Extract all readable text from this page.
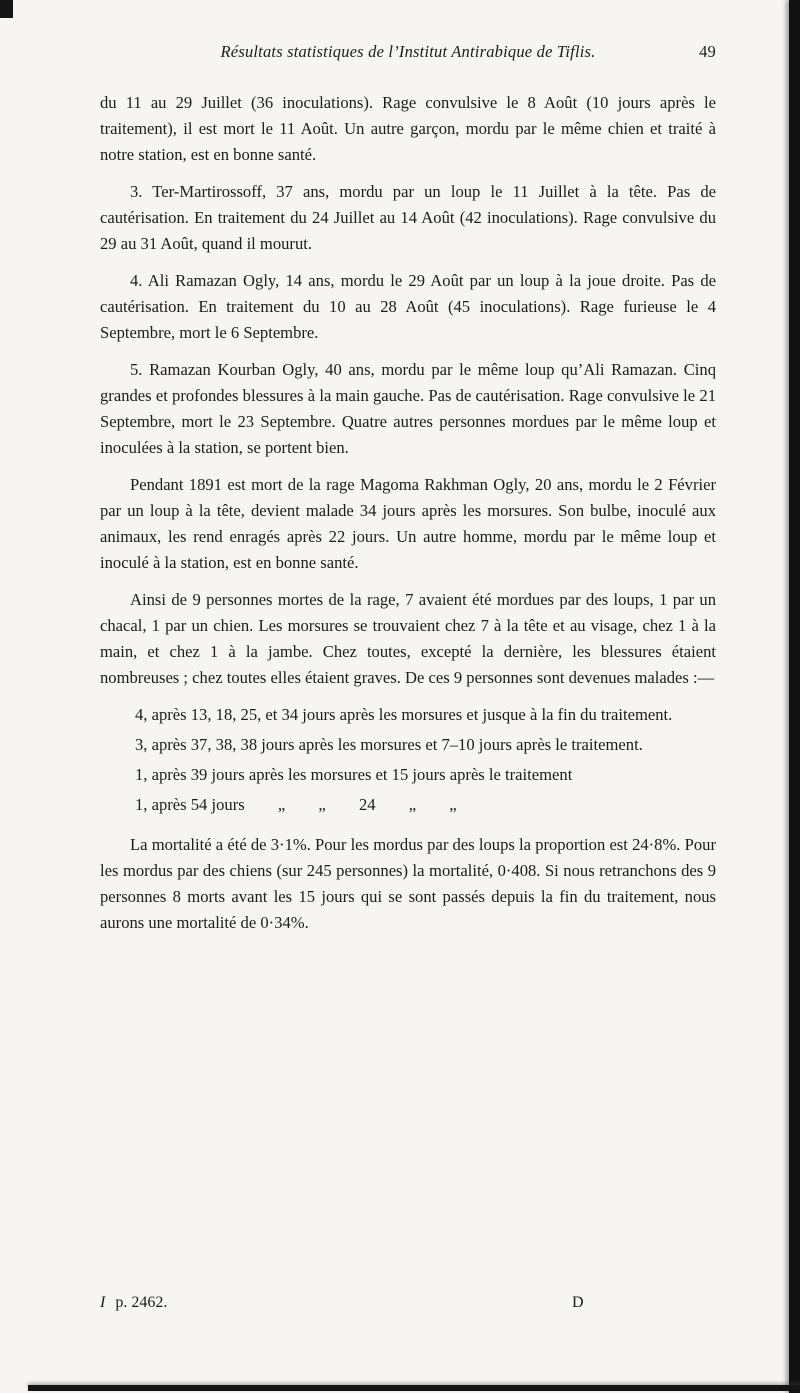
Résultats statistiques de l’Institut Antirabique de Tiflis.	49

du 11 au 29 Juillet (36 inoculations). Rage convulsive le 8 Août (10 jours après le traitement), il est mort le 11 Août. Un autre garçon, mordu par le même chien et traité à notre station, est en bonne santé.

3. Ter-Martirossoff, 37 ans, mordu par un loup le 11 Juillet à la tête. Pas de cautérisation. En traitement du 24 Juillet au 14 Août (42 inoculations). Rage convulsive du 29 au 31 Août, quand il mourut.

4. Ali Ramazan Ogly, 14 ans, mordu le 29 Août par un loup à la joue droite. Pas de cautérisation. En traitement du 10 au 28 Août (45 inoculations). Rage furieuse le 4 Septembre, mort le 6 Septembre.

5. Ramazan Kourban Ogly, 40 ans, mordu par le même loup qu’Ali Ramazan. Cinq grandes et profondes blessures à la main gauche. Pas de cautérisation. Rage convulsive le 21 Septembre, mort le 23 Septembre. Quatre autres personnes mordues par le même loup et inoculées à la station, se portent bien.

Pendant 1891 est mort de la rage Magoma Rakhman Ogly, 20 ans, mordu le 2 Février par un loup à la tête, devient malade 34 jours après les morsures. Son bulbe, inoculé aux animaux, les rend enragés après 22 jours. Un autre homme, mordu par le même loup et inoculé à la station, est en bonne santé.

Ainsi de 9 personnes mortes de la rage, 7 avaient été mordues par des loups, 1 par un chacal, 1 par un chien. Les morsures se trouvaient chez 7 à la tête et au visage, chez 1 à la main, et chez 1 à la jambe. Chez toutes, excepté la dernière, les blessures étaient nombreuses ; chez toutes elles étaient graves. De ces 9 personnes sont devenues malades :—

4, après 13, 18, 25, et 34 jours après les morsures et jusque à la fin du traitement.

3, après 37, 38, 38 jours après les morsures et 7–10 jours après le traitement.

1, après 39 jours après les morsures et 15 jours après le traitement

1, après 54 jours  „  „  24  „  „

La mortalité a été de 3·1%. Pour les mordus par des loups la proportion est 24·8%. Pour les mordus par des chiens (sur 245 personnes) la mortalité, 0·408. Si nous retranchons des 9 personnes 8 morts avant les 15 jours qui se sont passés depuis la fin du traitement, nous aurons une mortalité de 0·34%.

I p. 2462.	D
